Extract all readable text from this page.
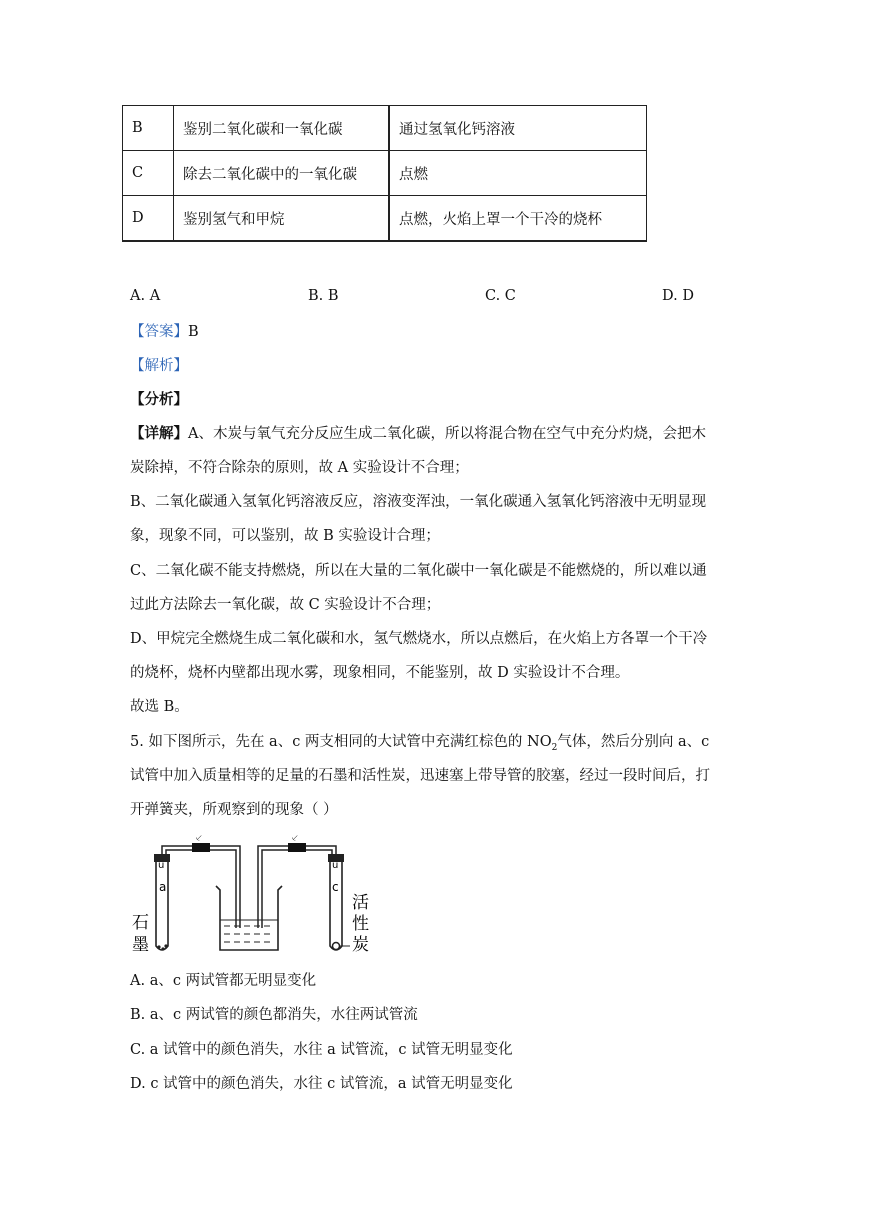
B	鉴别二氧化碳和一氧化碳	通过氢氧化钙溶液
C	除去二氧化碳中的一氧化碳	点燃
D	鉴别氢气和甲烷	点燃，火焰上罩一个干冷的烧杯
A. A	B. B	C. C	D. D
【答案】B
【解析】
【分析】
【详解】A、木炭与氧气充分反应生成二氧化碳，所以将混合物在空气中充分灼烧，会把木
炭除掉，不符合除杂的原则，故 A 实验设计不合理；
B、二氧化碳通入氢氧化钙溶液反应，溶液变浑浊，一氧化碳通入氢氧化钙溶液中无明显现
象，现象不同，可以鉴别，故 B 实验设计合理；
C、二氧化碳不能支持燃烧，所以在大量的二氧化碳中一氧化碳是不能燃烧的，所以难以通
过此方法除去一氧化碳，故 C 实验设计不合理；
D、甲烷完全燃烧生成二氧化碳和水，氢气燃烧水，所以点燃后，在火焰上方各罩一个干冷
的烧杯，烧杯内壁都出现水雾，现象相同，不能鉴别，故 D 实验设计不合理。
故选 B。
5. 如下图所示，先在 a、c 两支相同的大试管中充满红棕色的 $NO_2$气体，然后分别向 a、c
试管中加入质量相等的足量的石墨和活性炭，迅速塞上带导管的胶塞，经过一段时间后，打
开弹簧夹，所观察到的现象（ ）
u
a
⸔	⸔
u
c
石
墨
活
性
炭
A. a、c 两试管都无明显变化
B. a、c 两试管的颜色都消失，水往两试管流
C. a 试管中的颜色消失，水往 a 试管流，c 试管无明显变化
D. c 试管中的颜色消失，水往 c 试管流，a 试管无明显变化
